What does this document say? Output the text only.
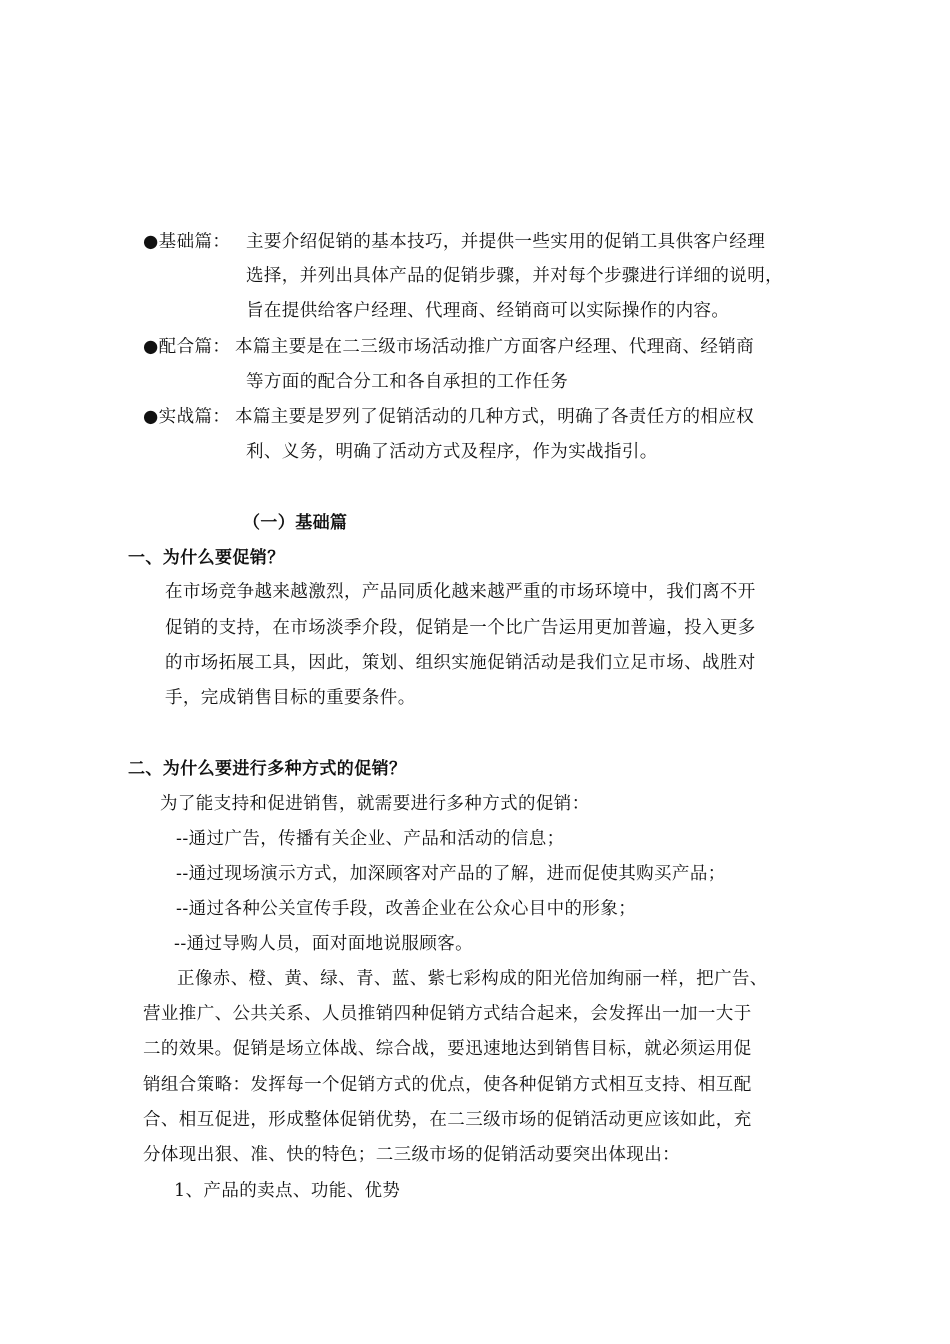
●基础篇： 主要介绍促销的基本技巧，并提供一些实用的促销工具供客户经理
选择，并列出具体产品的促销步骤，并对每个步骤进行详细的说明，
旨在提供给客户经理、代理商、经销商可以实际操作的内容。
●配合篇： 本篇主要是在二三级市场活动推广方面客户经理、代理商、经销商
等方面的配合分工和各自承担的工作任务
●实战篇： 本篇主要是罗列了促销活动的几种方式，明确了各责任方的相应权
利、义务，明确了活动方式及程序，作为实战指引。
（一）基础篇
一、为什么要促销？
在市场竞争越来越激烈，产品同质化越来越严重的市场环境中，我们离不开
促销的支持，在市场淡季介段，促销是一个比广告运用更加普遍，投入更多
的市场拓展工具，因此，策划、组织实施促销活动是我们立足市场、战胜对
手，完成销售目标的重要条件。
二、为什么要进行多种方式的促销？
为了能支持和促进销售，就需要进行多种方式的促销：
--通过广告，传播有关企业、产品和活动的信息；
--通过现场演示方式，加深顾客对产品的了解，进而促使其购买产品；
--通过各种公关宣传手段，改善企业在公众心目中的形象；
--通过导购人员，面对面地说服顾客。
正像赤、橙、黄、绿、青、蓝、紫七彩构成的阳光倍加绚丽一样，把广告、
营业推广、公共关系、人员推销四种促销方式结合起来，会发挥出一加一大于
二的效果。促销是场立体战、综合战，要迅速地达到销售目标，就必须运用促
销组合策略：发挥每一个促销方式的优点，使各种促销方式相互支持、相互配
合、相互促进，形成整体促销优势，在二三级市场的促销活动更应该如此，充
分体现出狠、准、快的特色；二三级市场的促销活动要突出体现出：
1、产品的卖点、功能、优势
